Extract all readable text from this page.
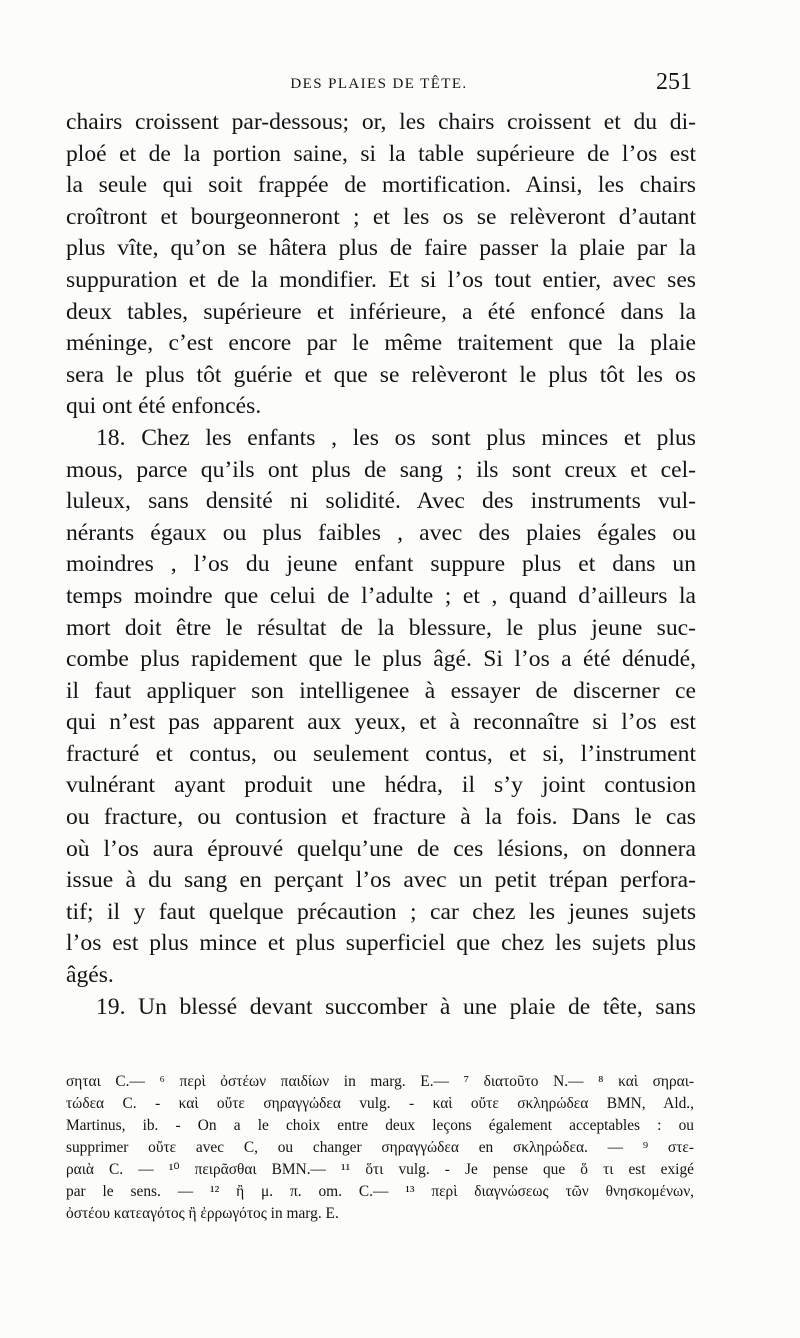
DES PLAIES DE TÊTE.	251
chairs croissent par-dessous; or, les chairs croissent et du di-
ploé et de la portion saine, si la table supérieure de l’os est
la seule qui soit frappée de mortification. Ainsi, les chairs
croîtront et bourgeonneront ; et les os se relèveront d’autant
plus vîte, qu’on se hâtera plus de faire passer la plaie par la
suppuration et de la mondifier. Et si l’os tout entier, avec ses
deux tables, supérieure et inférieure, a été enfoncé dans la
méninge, c’est encore par le même traitement que la plaie
sera le plus tôt guérie et que se relèveront le plus tôt les os
qui ont été enfoncés.
18. Chez les enfants , les os sont plus minces et plus
mous, parce qu’ils ont plus de sang ; ils sont creux et cel-
luleux, sans densité ni solidité. Avec des instruments vul-
nérants égaux ou plus faibles , avec des plaies égales ou
moindres , l’os du jeune enfant suppure plus et dans un
temps moindre que celui de l’adulte ; et , quand d’ailleurs la
mort doit être le résultat de la blessure, le plus jeune suc-
combe plus rapidement que le plus âgé. Si l’os a été dénudé,
il faut appliquer son intelligenee à essayer de discerner ce
qui n’est pas apparent aux yeux, et à reconnaître si l’os est
fracturé et contus, ou seulement contus, et si, l’instrument
vulnérant ayant produit une hédra, il s’y joint contusion
ou fracture, ou contusion et fracture à la fois. Dans le cas
où l’os aura éprouvé quelqu’une de ces lésions, on donnera
issue à du sang en perçant l’os avec un petit trépan perfora-
tif; il y faut quelque précaution ; car chez les jeunes sujets
l’os est plus mince et plus superficiel que chez les sujets plus
âgés.
19. Un blessé devant succomber à une plaie de tête, sans
σηται C.— ⁶ περὶ ὀστέων παιδίων in marg. E.— ⁷ διατοῦτο N.— ⁸ καὶ σηραι-
τώδεα C. - καὶ οὔτε σηραγγώδεα vulg. - καὶ οὔτε σκληρώδεα BMN, Ald.,
Martinus, ib. - On a le choix entre deux leçons également acceptables : ou
supprimer οὔτε avec C, ou changer σηραγγώδεα en σκληρώδεα. — ⁹ στε-
ραιὰ C. — ¹⁰ πειρᾶσθαι BMN.— ¹¹ ὅτι vulg. - Je pense que ὅ τι est exigé
par le sens. — ¹² ἢ μ. π. om. C.— ¹³ περὶ διαγνώσεως τῶν θνησκομένων,
ὀστέου κατεαγότος ἢ ἐρρωγότος in marg. E.
